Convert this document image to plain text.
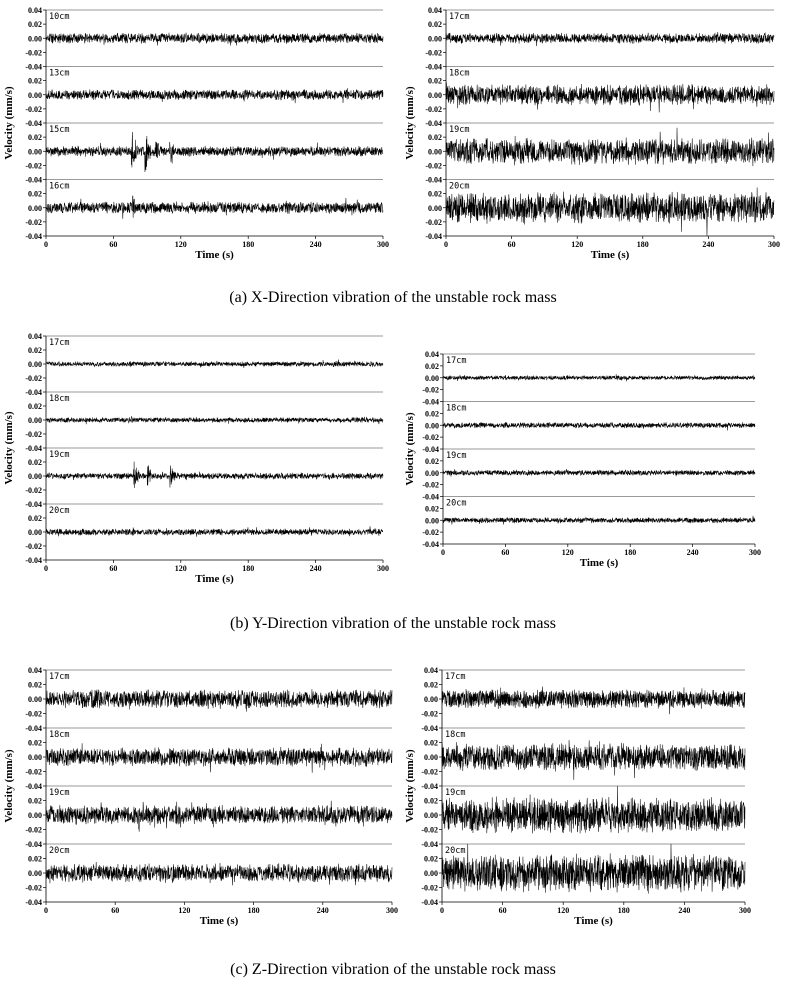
0.04
0.02
0.00
-0.02
-0.04
10cm
0.02
0.00
-0.02
-0.04
13cm
0.02
0.00
-0.02
-0.04
15cm
0.02
0.00
-0.02
-0.04
16cm
0	60	120	180	240	300
Time (s)
Velocity (mm/s)
0.04
0.02
0.00
-0.02
-0.04
17cm
0.02
0.00
-0.02
-0.04
18cm
0.02
0.00
-0.02
-0.04
19cm
0.02
0.00
-0.02
-0.04
20cm
0	60	120	180	240	300
Time (s)
Velocity (mm/s)
(a) X-Direction vibration of the unstable rock mass
0.04
0.02
0.00
-0.02
-0.04
17cm
0.02
0.00
-0.02
-0.04
18cm
0.02
0.00
-0.02
-0.04
19cm
0.02
0.00
-0.02
-0.04
20cm
0	60	120	180	240	300
Time (s)
Velocity (mm/s)
0.04
0.02
0.00
-0.02
-0.04
17cm
0.02
0.00
-0.02
-0.04
18cm
0.02
0.00
-0.02
-0.04
19cm
0.02
0.00
-0.02
-0.04
20cm
0	60	120	180	240	300
Time (s)
Velocity (mm/s)
(b) Y-Direction vibration of the unstable rock mass
0.04
0.02
0.00
-0.02
-0.04
17cm
0.02
0.00
-0.02
-0.04
18cm
0.02
0.00
-0.02
-0.04
19cm
0.02
0.00
-0.02
-0.04
20cm
0	60	120	180	240	300
Time (s)
Velocity (mm/s)
0.04
0.02
0.00
-0.02
-0.04
17cm
0.02
0.00
-0.02
-0.04
18cm
0.02
0.00
-0.02
-0.04
19cm
0.02
0.00
-0.02
-0.04
20cm
0	60	120	180	240	300
Time (s)
Velocity (mm/s)
(c) Z-Direction vibration of the unstable rock mass
